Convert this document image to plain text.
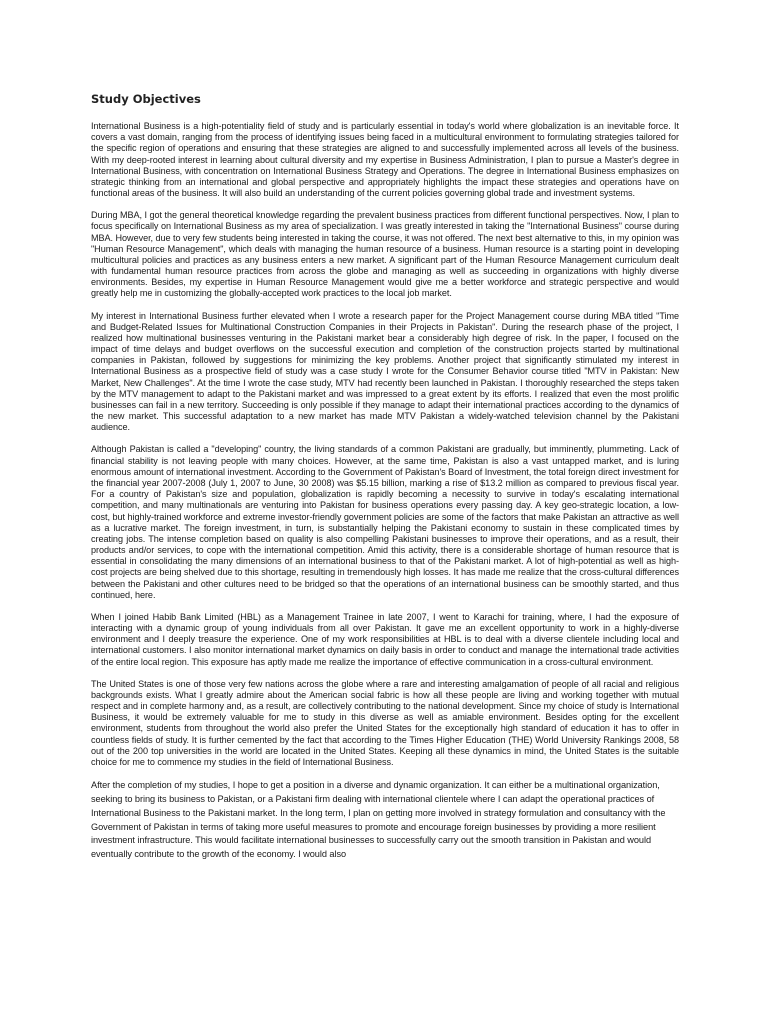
Study Objectives

International Business is a high-potentiality field of study and is particularly essential in today's world where globalization is an inevitable force. It covers a vast domain, ranging from the process of identifying issues being faced in a multicultural environment to formulating strategies tailored for the specific region of operations and ensuring that these strategies are aligned to and successfully implemented across all levels of the business. With my deep-rooted interest in learning about cultural diversity and my expertise in Business Administration, I plan to pursue a Master's degree in International Business, with concentration on International Business Strategy and Operations. The degree in International Business emphasizes on strategic thinking from an international and global perspective and appropriately highlights the impact these strategies and operations have on functional areas of the business. It will also build an understanding of the current policies governing global trade and investment systems.

During MBA, I got the general theoretical knowledge regarding the prevalent business practices from different functional perspectives. Now, I plan to focus specifically on International Business as my area of specialization. I was greatly interested in taking the "International Business" course during MBA. However, due to very few students being interested in taking the course, it was not offered. The next best alternative to this, in my opinion was "Human Resource Management", which deals with managing the human resource of a business. Human resource is a starting point in developing multicultural policies and practices as any business enters a new market. A significant part of the Human Resource Management curriculum dealt with fundamental human resource practices from across the globe and managing as well as succeeding in organizations with highly diverse environments. Besides, my expertise in Human Resource Management would give me a better workforce and strategic perspective and would greatly help me in customizing the globally-accepted work practices to the local job market.

My interest in International Business further elevated when I wrote a research paper for the Project Management course during MBA titled "Time and Budget-Related Issues for Multinational Construction Companies in their Projects in Pakistan". During the research phase of the project, I realized how multinational businesses venturing in the Pakistani market bear a considerably high degree of risk. In the paper, I focused on the impact of time delays and budget overflows on the successful execution and completion of the construction projects started by multinational companies in Pakistan, followed by suggestions for minimizing the key problems. Another project that significantly stimulated my interest in International Business as a prospective field of study was a case study I wrote for the Consumer Behavior course titled "MTV in Pakistan: New Market, New Challenges". At the time I wrote the case study, MTV had recently been launched in Pakistan. I thoroughly researched the steps taken by the MTV management to adapt to the Pakistani market and was impressed to a great extent by its efforts. I realized that even the most prolific businesses can fail in a new territory. Succeeding is only possible if they manage to adapt their international practices according to the dynamics of the new market. This successful adaptation to a new market has made MTV Pakistan a widely-watched television channel by the Pakistani audience.

Although Pakistan is called a "developing" country, the living standards of a common Pakistani are gradually, but imminently, plummeting. Lack of financial stability is not leaving people with many choices. However, at the same time, Pakistan is also a vast untapped market, and is luring enormous amount of international investment. According to the Government of Pakistan's Board of Investment, the total foreign direct investment for the financial year 2007-2008 (July 1, 2007 to June, 30 2008) was $5.15 billion, marking a rise of $13.2 million as compared to previous fiscal year. For a country of Pakistan's size and population, globalization is rapidly becoming a necessity to survive in today's escalating international competition, and many multinationals are venturing into Pakistan for business operations every passing day. A key geo-strategic location, a low-cost, but highly-trained workforce and extreme investor-friendly government policies are some of the factors that make Pakistan an attractive as well as a lucrative market. The foreign investment, in turn, is substantially helping the Pakistani economy to sustain in these complicated times by creating jobs. The intense completion based on quality is also compelling Pakistani businesses to improve their operations, and as a result, their products and/or services, to cope with the international competition. Amid this activity, there is a considerable shortage of human resource that is essential in consolidating the many dimensions of an international business to that of the Pakistani market. A lot of high-potential as well as high-cost projects are being shelved due to this shortage, resulting in tremendously high losses. It has made me realize that the cross-cultural differences between the Pakistani and other cultures need to be bridged so that the operations of an international business can be smoothly started, and thus continued, here.

When I joined Habib Bank Limited (HBL) as a Management Trainee in late 2007, I went to Karachi for training, where, I had the exposure of interacting with a dynamic group of young individuals from all over Pakistan. It gave me an excellent opportunity to work in a highly-diverse environment and I deeply treasure the experience. One of my work responsibilities at HBL is to deal with a diverse clientele including local and international customers. I also monitor international market dynamics on daily basis in order to conduct and manage the international trade activities of the entire local region. This exposure has aptly made me realize the importance of effective communication in a cross-cultural environment.

The United States is one of those very few nations across the globe where a rare and interesting amalgamation of people of all racial and religious backgrounds exists. What I greatly admire about the American social fabric is how all these people are living and working together with mutual respect and in complete harmony and, as a result, are collectively contributing to the national development. Since my choice of study is International Business, it would be extremely valuable for me to study in this diverse as well as amiable environment. Besides opting for the excellent environment, students from throughout the world also prefer the United States for the exceptionally high standard of education it has to offer in countless fields of study. It is further cemented by the fact that according to the Times Higher Education (THE) World University Rankings 2008, 58 out of the 200 top universities in the world are located in the United States. Keeping all these dynamics in mind, the United States is the suitable choice for me to commence my studies in the field of International Business.

After the completion of my studies, I hope to get a position in a diverse and dynamic organization. It can either be a multinational organization, seeking to bring its business to Pakistan, or a Pakistani firm dealing with international clientele where I can adapt the operational practices of International Business to the Pakistani market. In the long term, I plan on getting more involved in strategy formulation and consultancy with the Government of Pakistan in terms of taking more useful measures to promote and encourage foreign businesses by providing a more resilient investment infrastructure. This would facilitate international businesses to successfully carry out the smooth transition in Pakistan and would eventually contribute to the growth of the economy. I would also
